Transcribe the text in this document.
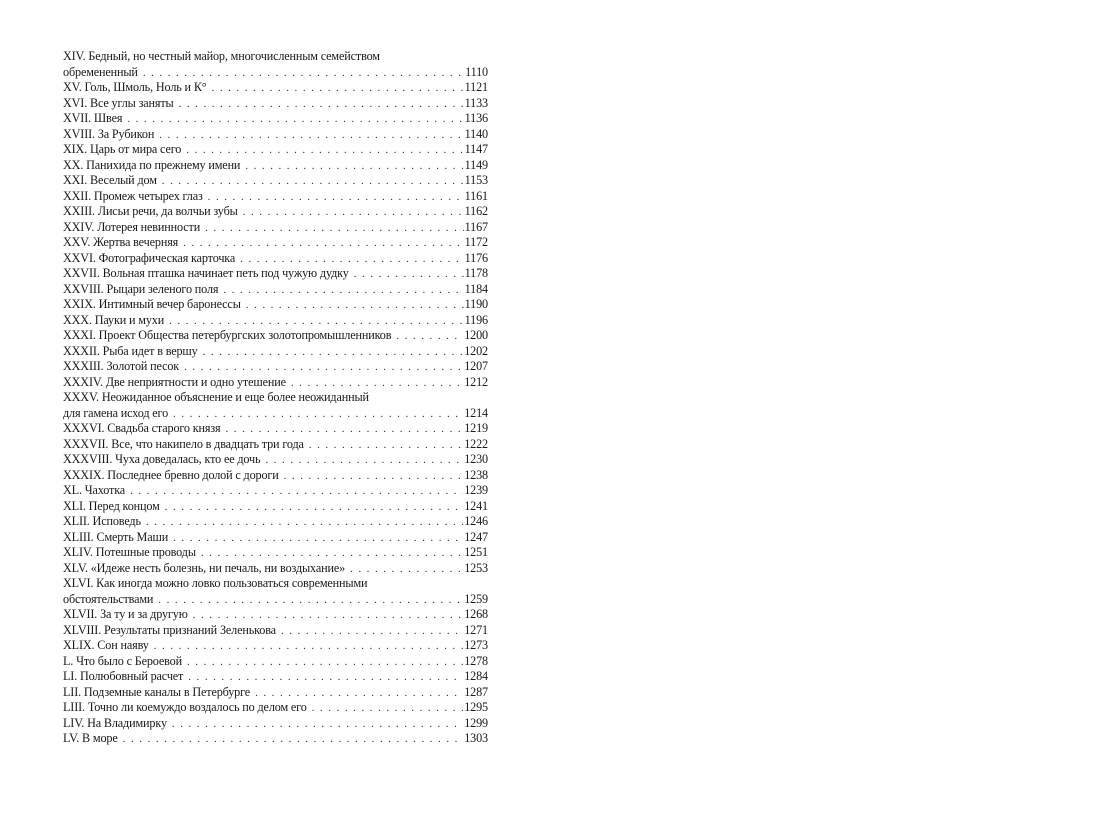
XIV. Бедный, но честный майор, многочисленным семейством
обремененный . . .	1110
XV. Голь, Шмоль, Ноль и К° . . .	1121
XVI. Все углы заняты . . .	1133
XVII. Швея . . .	1136
XVIII. За Рубикон . . .	1140
XIX. Царь от мира сего . . .	1147
XX. Панихида по прежнему имени . . .	1149
XXI. Веселый дом . . .	1153
XXII. Промеж четырех глаз . . .	1161
XXIII. Лисьи речи, да волчьи зубы . . .	1162
XXIV. Лотерея невинности . . .	1167
XXV. Жертва вечерняя . . .	1172
XXVI. Фотографическая карточка . . .	1176
XXVII. Вольная пташка начинает петь под чужую дудку . . .	1178
XXVIII. Рыцари зеленого поля . . .	1184
XXIX. Интимный вечер баронессы . . .	1190
XXX. Пауки и мухи . . .	1196
XXXI. Проект Общества петербургских золотопромышленников . . .	1200
XXXII. Рыба идет в вершу . . .	1202
XXXIII. Золотой песок . . .	1207
XXXIV. Две неприятности и одно утешение . . .	1212
XXXV. Неожиданное объяснение и еще более неожиданный
для гамена исход его . . .	1214
XXXVI. Свадьба старого князя . . .	1219
XXXVII. Все, что накипело в двадцать три года . . .	1222
XXXVIII. Чуха доведалась, кто ее дочь . . .	1230
XXXIX. Последнее бревно долой с дороги . . .	1238
XL. Чахотка . . .	1239
XLI. Перед концом . . .	1241
XLII. Исповедь . . .	1246
XLIII. Смерть Маши . . .	1247
XLIV. Потешные проводы . . .	1251
XLV. «Идеже несть болезнь, ни печаль, ни воздыхание» . . .	1253
XLVI. Как иногда можно ловко пользоваться современными
обстоятельствами . . .	1259
XLVII. За ту и за другую . . .	1268
XLVIII. Результаты признаний Зеленькова . . .	1271
XLIX. Сон наяву . . .	1273
L. Что было с Бероевой . . .	1278
LI. Полюбовный расчет . . .	1284
LII. Подземные каналы в Петербурге . . .	1287
LIII. Точно ли коемуждо воздалось по делом его . . .	1295
LIV. На Владимирку . . .	1299
LV. В море . . .	1303
